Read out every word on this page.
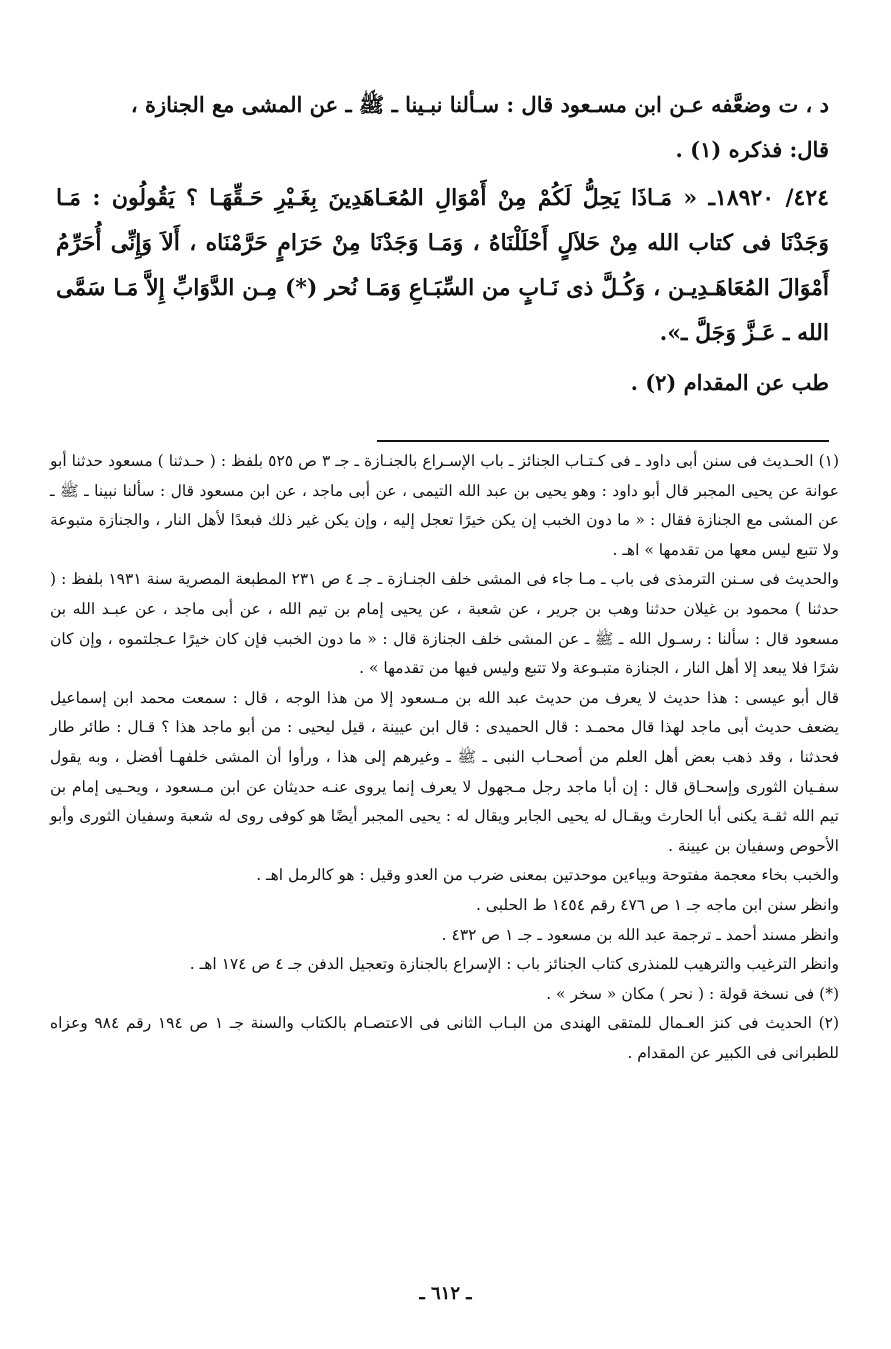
د ، ت وضعَّفه عـن ابن مسـعود قال : سـألنا نبـينا ـ ﷺ ـ عن المشى مع الجنازة ،

قال: فذكره (١) .

٤٢٤/ ١٨٩٢٠ـ « مَـاذَا يَحِلُّ لَكُمْ مِنْ أَمْوَالِ المُعَـاهَدِينَ بِغَـيْرِ حَـقِّهَـا ؟ يَقُولُون : مَـا وَجَدْنَا فى كتاب الله مِنْ حَلاَلٍ أَحْلَلْنَاهُ ، وَمَـا وَجَدْنَا مِنْ حَرَامٍ حَرَّمْنَاه ، أَلاَ وَإِنِّى أُحَرِّمُ أَمْوَالَ المُعَاهَـدِيـن ، وَكُـلَّ ذى نَـابٍ من السِّبَـاعِ وَمَـا نُحر (*) مِـن الدَّوَابِّ إِلاَّ مَـا سَمَّى الله ـ عَـزَّ وَجَلَّ ـ».

طب عن المقدام (٢) .

(١) الحـديث فى سنن أبى داود ـ فى كـتـاب الجنائز ـ باب الإسـراع بالجنـازة ـ جـ ٣ ص ٥٢٥ بلفظ : ( حـدثنا ) مسعود حدثنا أبو عوانة عن يحيى المجبر قال أبو داود : وهو يحيى بن عبد الله التيمى ، عن أبى ماجد ، عن ابن مسعود قال : سألنا نبينا ـ ﷺ ـ عن المشى مع الجنازة فقال : « ما دون الخبب إن يكن خيرًا تعجل إليه ، وإن يكن غير ذلك فبعدًا لأهل النار ، والجنازة متبوعة ولا تتبع ليس معها من تقدمها » اهـ .

والحديث فى سـنن الترمذى فى باب ـ مـا جاء فى المشى خلف الجنـازة ـ جـ ٤ ص ٢٣١ المطبعة المصرية سنة ١٩٣١ بلفظ : ( حدثنا ) محمود بن غيلان حدثنا وهب بن جرير ، عن شعبة ، عن يحيى إمام بن تيم الله ، عن أبى ماجد ، عن عبـد الله بن مسعود قال : سألنا : رسـول الله ـ ﷺ ـ عن المشى خلف الجنازة قال : « ما دون الخبب فإن كان خيرًا عـجلتموه ، وإن كان شرًا فلا يبعد إلا أهل النار ، الجنازة متبـوعة ولا تتبع وليس فيها من تقدمها » .

قال أبو عيسى : هذا حديث لا يعرف من حديث عبد الله بن مـسعود إلا من هذا الوجه ، قال : سمعت محمد ابن إسماعيل يضعف حديث أبى ماجد لهذا قال محمـد : قال الحميدى : قال ابن عيينة ، قيل ليحيى : من أبو ماجد هذا ؟ قـال : طائر طار فحدثنا ، وقد ذهب بعض أهل العلم من أصحـاب النبى ـ ﷺ ـ وغيرهم إلى هذا ، ورأوا أن المشى خلفهـا أفضل ، وبه يقول سفـيان الثورى وإسحـاق قال : إن أبا ماجد رجل مـجهول لا يعرف إنما يروى عنـه حديثان عن ابن مـسعود ، ويحـيى إمام بن تيم الله ثقـة يكنى أبا الحارث ويقـال له يحيى الجابر ويقال له : يحيى المجبر أيضًا هو كوفى روى له شعبة وسفيان الثورى وأبو الأحوص وسفيان بن عيينة .

والخبب بخاء معجمة مفتوحة وبياءين موحدتين بمعنى ضرب من العدو وقيل : هو كالرمل اهـ .

وانظر سنن ابن ماجه جـ ١ ص ٤٧٦ رقم ١٤٥٤ ط الحلبى .

وانظر مسند أحمد ـ ترجمة عبد الله بن مسعود ـ جـ ١ ص ٤٣٢ .

وانظر الترغيب والترهيب للمنذرى كتاب الجنائز باب : الإسراع بالجنازة وتعجيل الدفن جـ ٤ ص ١٧٤ اهـ .

(*) فى نسخة قولة : ( نحر ) مكان « سخر » .

(٢) الحديث فى كنز العـمال للمتقى الهندى من البـاب الثانى فى الاعتصـام بالكتاب والسنة جـ ١ ص ١٩٤ رقم ٩٨٤ وعزاه للطبرانى فى الكبير عن المقدام .

ـ ٦١٢ ـ
